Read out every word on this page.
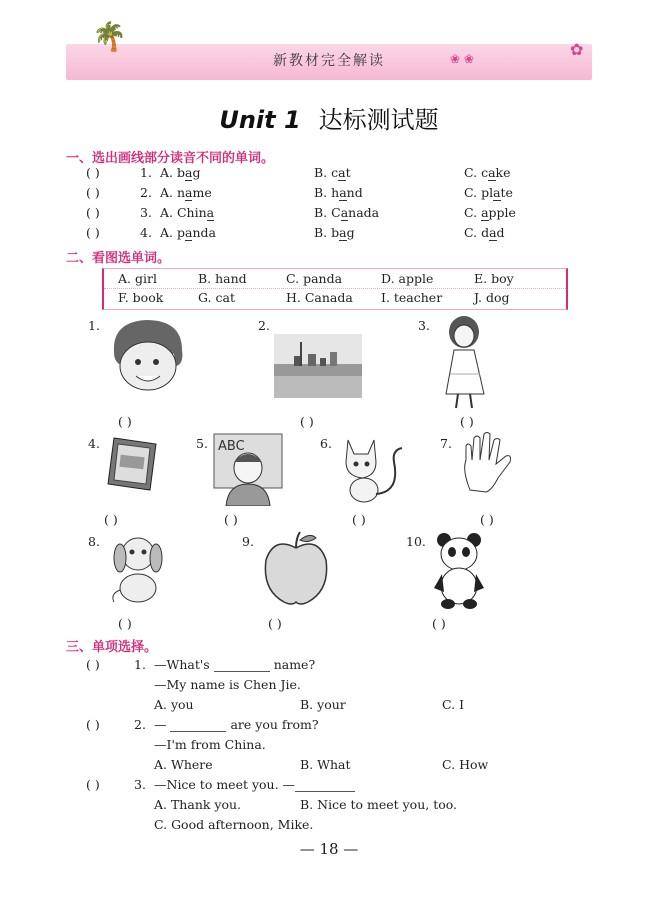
🌴	✿
❀ ❀
新教材完全解读
Unit 1 达标测试题
一、选出画线部分读音不同的单词。
( )	1. A. bag	B. cat	C. cake
( )	2. A. name	B. hand	C. plate
( )	3. A. China	B. Canada	C. apple
( )	4. A. panda	B. bag	C. dad
二、看图选单词。
A. girl	B. hand	C. panda	D. apple	E. boy
F. book	G. cat	H. Canada I. teacher	J. dog
1.
( )
2.
( )
3.
( )
4.
( )
5. ABC
( )
6.
( )
7.
( )
8.
( )
9.
( )
10.
( )
三、单项选择。
( )	1. —What's	name?
—My name is Chen Jie.
A. you	B. your	C. I
( )	2. —	are you from?
—I'm from China.
A. Where	B. What	C. How
( )	3. —Nice to meet you. —
A. Thank you.	B. Nice to meet you, too.
C. Good afternoon, Mike.
— 18 —
